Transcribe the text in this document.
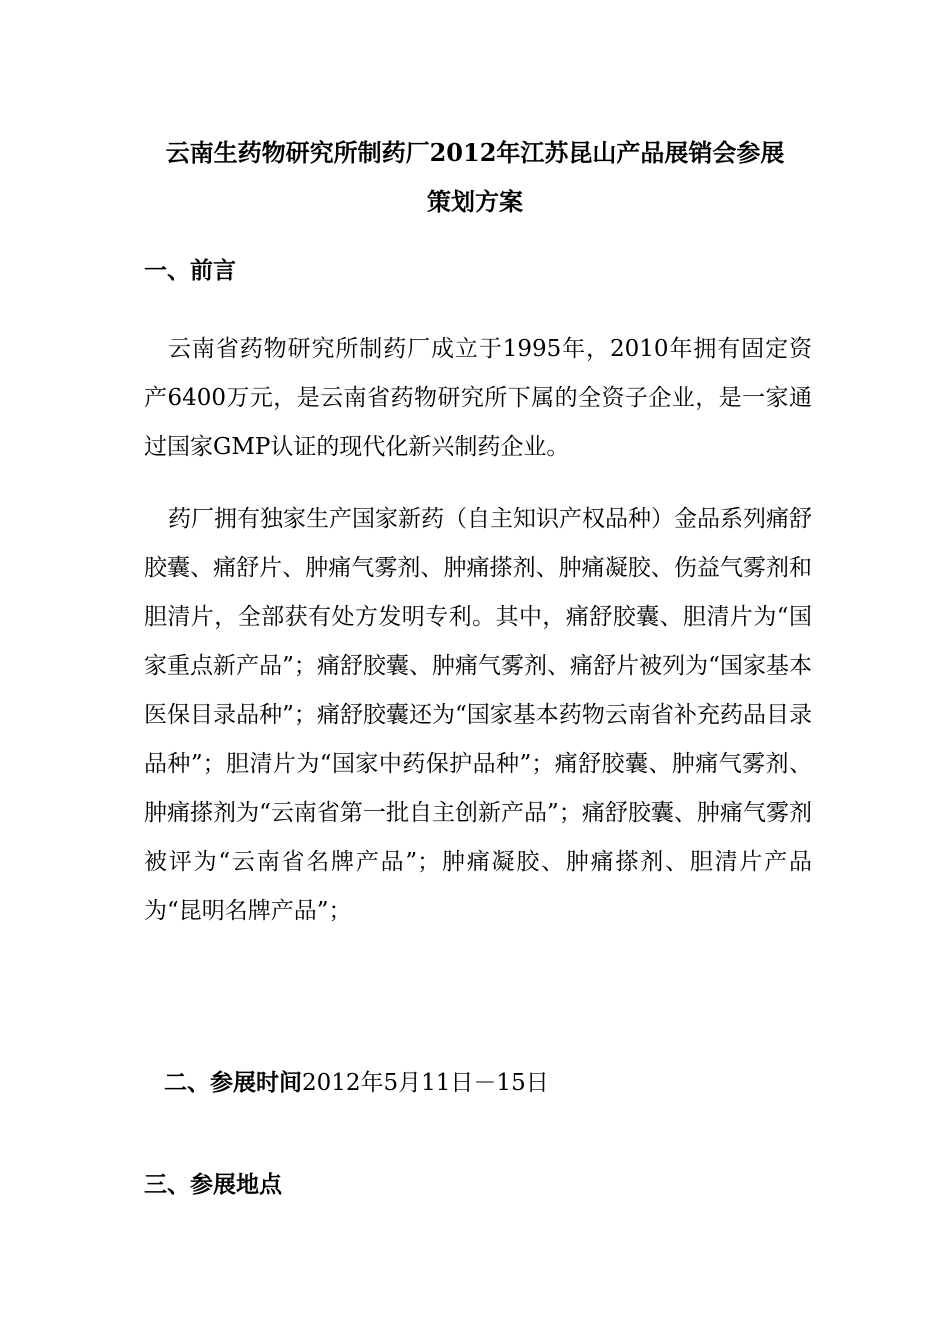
云南生药物研究所制药厂2012年江苏昆山产品展销会参展
策划方案
一、前言

云南省药物研究所制药厂成立于1995年，2010年拥有固定资产6400万元，是云南省药物研究所下属的全资子企业，是一家通过国家GMP认证的现代化新兴制药企业。

药厂拥有独家生产国家新药（自主知识产权品种）金品系列痛舒胶囊、痛舒片、肿痛气雾剂、肿痛搽剂、肿痛凝胶、伤益气雾剂和胆清片，全部获有处方发明专利。其中，痛舒胶囊、胆清片为“国家重点新产品”；痛舒胶囊、肿痛气雾剂、痛舒片被列为“国家基本医保目录品种”；痛舒胶囊还为“国家基本药物云南省补充药品目录品种”；胆清片为“国家中药保护品种”；痛舒胶囊、肿痛气雾剂、肿痛搽剂为“云南省第一批自主创新产品”；痛舒胶囊、肿痛气雾剂被评为“云南省名牌产品”；肿痛凝胶、肿痛搽剂、胆清片产品为“昆明名牌产品”；

二、参展时间2012年5月11日－15日
三、参展地点
